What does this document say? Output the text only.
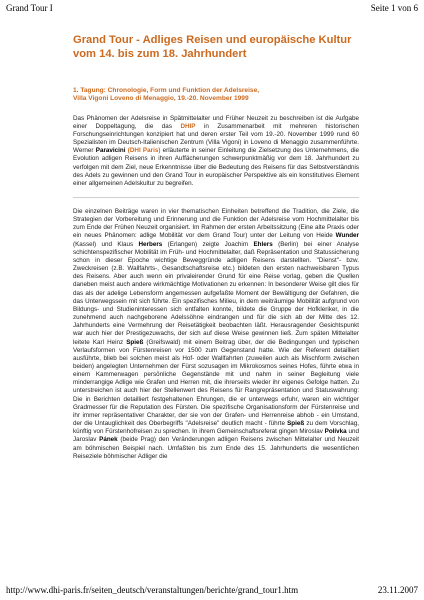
Grand Tour I	Seite 1 von 6
Grand Tour - Adliges Reisen und europäische Kultur vom 14. bis zum 18. Jahrhundert
1. Tagung: Chronologie, Form und Funktion der Adelsreise,
Villa Vigoni Loveno di Menaggio, 19.-20. November 1999

Das Phänomen der Adelsreise in Spätmittelalter und Früher Neuzeit zu beschreiben ist die Aufgabe einer Doppeltagung, die das DHIP in Zusammenarbeit mit mehreren historischen Forschungseinrichtungen konzipiert hat und deren erster Teil vom 19.-20. November 1999 rund 60 Spezialisten im Deutsch-Italienischen Zentrum (Villa Vigoni) in Loveno di Menaggio zusammenführte. Werner Paravicini (DHI Paris) erläuterte in seiner Einleitung die Zielsetzung des Unternehmens, die Evolution adligen Reisens in ihren Auffächerungen schwerpunktmäßig vor dem 18. Jahrhundert zu verfolgen mit dem Ziel, neue Erkenntnisse über die Bedeutung des Reisens für das Selbstverständnis des Adels zu gewinnen und den Grand Tour in europäischer Perspektive als ein konstitutives Element einer allgemeinen Adelskultur zu begreifen.

Die einzelnen Beiträge waren in vier thematischen Einheiten betreffend die Tradition, die Ziele, die Strategien der Vorbereitung und Erinnerung und die Funktion der Adelsreise vom Hochmittelalter bis zum Ende der Frühen Neuzeit organisiert. Im Rahmen der ersten Arbeitssitzung (Eine alte Praxis oder ein neues Phänomen: adlige Mobilität vor dem Grand Tour) unter der Leitung von Heide Wunder (Kassel) und Klaus Herbers (Erlangen) zeigte Joachim Ehlers (Berlin) bei einer Analyse schichtenspezifischer Mobilität im Früh- und Hochmittelalter, daß Repräsentation und Statussicherung schon in dieser Epoche wichtige Beweggründe adligen Reisens darstellten. "Dienst"- bzw. Zweckreisen (z.B. Wallfahrts-, Gesandtschaftsreise etc.) bildeten den ersten nachweisbaren Typus des Reisens. Aber auch wenn ein privaleirender Grund für eine Reise vorlag, geben die Quellen daneben meist auch andere wirkmächtige Motivationen zu erkennen: In besonderer Weise gilt dies für das als der adelige Lebensform angemessen aufgefaßte Moment der Bewältigung der Gefahren, die das Unterwegssein mit sich führte. Ein spezifisches Milieu, in dem weiträumige Mobilität aufgrund von Bildungs- und Studieninteressen sich entfalten konnte, bildete die Gruppe der Hofkleriker, in die zunehmend auch nachgeborene Adelssöhne eindrangen und für die sich ab der Mitte des 12. Jahrhunderts eine Vermehrung der Reisetätigkeit beobachten läßt. Herausragender Gesichtspunkt war auch hier der Prestigezuwachs, der sich auf diese Weise gewinnen ließ. Zum späten Mittelalter leitete Karl Heinz Spieß (Greifswald) mit einem Beitrag über, der die Bedingungen und typischen Verlaufsformen von Fürstenreisen vor 1500 zum Gegenstand hatte. Wie der Referent detailliert ausführte, blieb bei solchen meist als Hof- oder Wallfahrten (zuweilen auch als Mischform zwischen beiden) angelegten Unternehmen der Fürst sozusagen im Mikrokosmos seines Hofes, führte etwa in einem Kammerwagen persönliche Gegenstände mit und nahm in seiner Begleitung viele minderrangige Adlige wie Grafen und Herren mit, die ihrerseits wieder ihr eigenes Gefolge hatten. Zu unterstreichen ist auch hier der Stellenwert des Reisens für Rangrepräsentation und Statuswahrung: Die in Berichten detailliert festgehaltenen Ehrungen, die er unterwegs erfuhr, waren ein wichtiger Gradmesser für die Reputation des Fürsten. Die spezifische Organisationsform der Fürstenreise und ihr immer repräsentativer Charakter, der sie von der Grafen- und Herrenreise abhob - ein Umstand, der die Untauglichkeit des Oberbegriffs "Adelsreise" deutlich macht - führte Spieß zu dem Vorschlag, künftig von Fürstenhofreisen zu sprechen. In ihrem Gemeinschaftsreferat gingen Miroslav Polívka und Jaroslav Pánek (beide Prag) den Veränderungen adligen Reisens zwischen Mittelalter und Neuzeit am böhmischen Beispiel nach. Umfaßten bis zum Ende des 15. Jahrhunderts die wesentlichen Reiseziele böhmischer Adliger die

http://www.dhi-paris.fr/seiten_deutsch/veranstaltungen/berichte/grand_tour1.htm	23.11.2007
